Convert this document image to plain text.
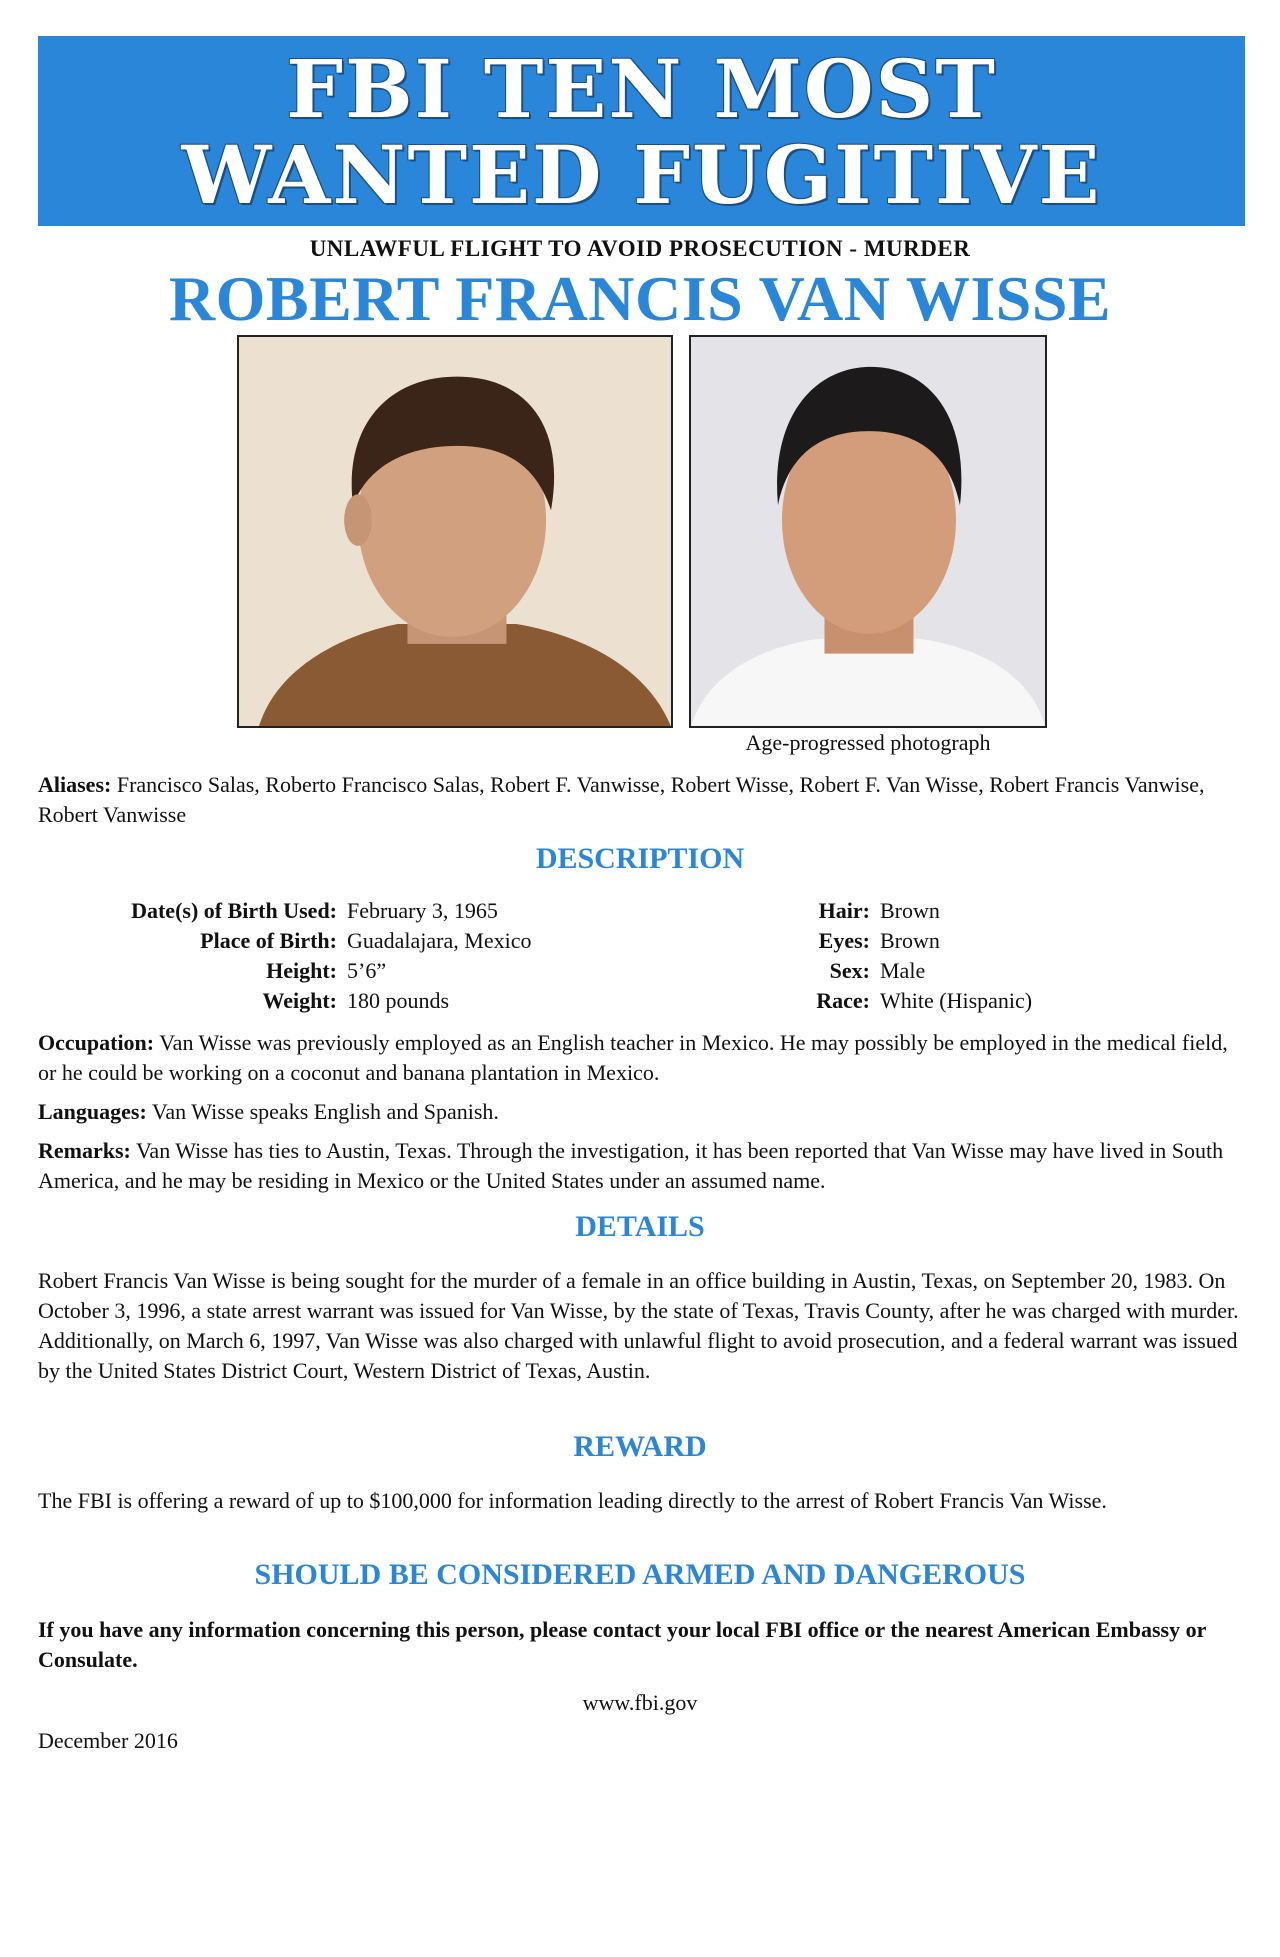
FBI TEN MOST
WANTED FUGITIVE
UNLAWFUL FLIGHT TO AVOID PROSECUTION - MURDER
ROBERT FRANCIS VAN WISSE
Age-progressed photograph
Aliases: Francisco Salas, Roberto Francisco Salas, Robert F. Vanwisse, Robert Wisse, Robert F. Van Wisse, Robert Francis Vanwise, Robert Vanwisse
DESCRIPTION
Date(s) of Birth Used: February 3, 1965
Place of Birth: Guadalajara, Mexico
Height: 5’6”
Weight: 180 pounds
Hair: Brown
Eyes: Brown
Sex: Male
Race: White (Hispanic)
Occupation: Van Wisse was previously employed as an English teacher in Mexico. He may possibly be employed in the medical field, or he could be working on a coconut and banana plantation in Mexico.
Languages: Van Wisse speaks English and Spanish.
Remarks: Van Wisse has ties to Austin, Texas. Through the investigation, it has been reported that Van Wisse may have lived in South America, and he may be residing in Mexico or the United States under an assumed name.
DETAILS
Robert Francis Van Wisse is being sought for the murder of a female in an office building in Austin, Texas, on September 20, 1983. On October 3, 1996, a state arrest warrant was issued for Van Wisse, by the state of Texas, Travis County, after he was charged with murder. Additionally, on March 6, 1997, Van Wisse was also charged with unlawful flight to avoid prosecution, and a federal warrant was issued by the United States District Court, Western District of Texas, Austin.
REWARD
The FBI is offering a reward of up to $100,000 for information leading directly to the arrest of Robert Francis Van Wisse.
SHOULD BE CONSIDERED ARMED AND DANGEROUS
If you have any information concerning this person, please contact your local FBI office or the nearest American Embassy or Consulate.
www.fbi.gov
December 2016
